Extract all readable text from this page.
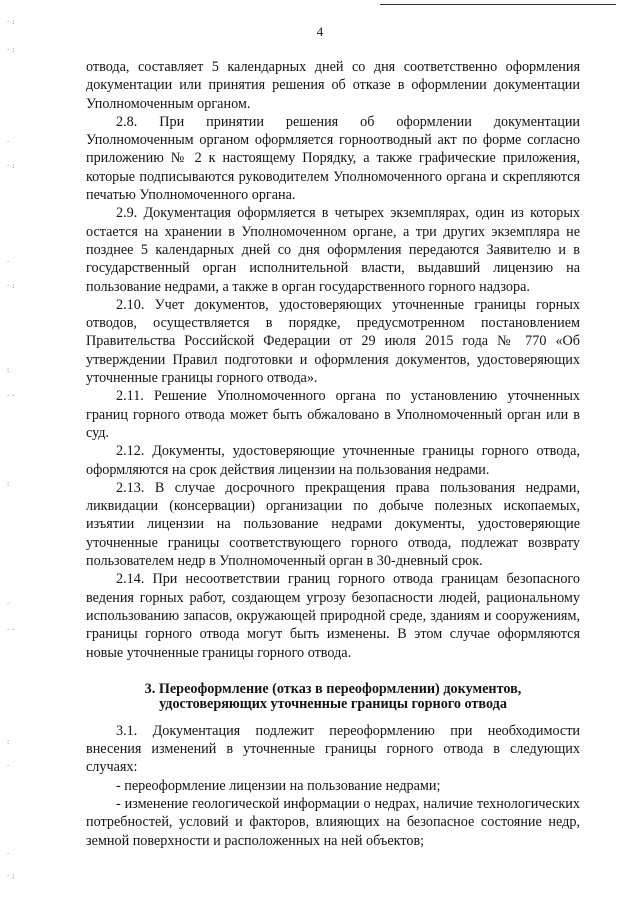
·:
·:
·
·:
·
·:
:
··
:
·
··
:
·
·
·:
4

отвода, составляет 5 календарных дней со дня соответственно оформления документации или принятия решения об отказе в оформлении документации Уполномоченным органом.

2.8. При принятии решения об оформлении документации Уполномоченным органом оформляется горноотводный акт по форме согласно приложению № 2 к настоящему Порядку, а также графические приложения, которые подписываются руководителем Уполномоченного органа и скрепляются печатью Уполномоченного органа.

2.9. Документация оформляется в четырех экземплярах, один из которых остается на хранении в Уполномоченном органе, а три других экземпляра не позднее 5 календарных дней со дня оформления передаются Заявителю и в государственный орган исполнительной власти, выдавший лицензию на пользование недрами, а также в орган государственного горного надзора.

2.10. Учет документов, удостоверяющих уточненные границы горных отводов, осуществляется в порядке, предусмотренном постановлением Правительства Российской Федерации от 29 июля 2015 года № 770 «Об утверждении Правил подготовки и оформления документов, удостоверяющих уточненные границы горного отвода».

2.11. Решение Уполномоченного органа по установлению уточненных границ горного отвода может быть обжаловано в Уполномоченный орган или в суд.

2.12. Документы, удостоверяющие уточненные границы горного отвода, оформляются на срок действия лицензии на пользования недрами.

2.13. В случае досрочного прекращения права пользования недрами, ликвидации (консервации) организации по добыче полезных ископаемых, изъятии лицензии на пользование недрами документы, удостоверяющие уточненные границы соответствующего горного отвода, подлежат возврату пользователем недр в Уполномоченный орган в 30-дневный срок.

2.14. При несоответствии границ горного отвода границам безопасного ведения горных работ, создающем угрозу безопасности людей, рациональному использованию запасов, окружающей природной среде, зданиям и сооружениям, границы горного отвода могут быть изменены. В этом случае оформляются новые уточненные границы горного отвода.

3. Переоформление (отказ в переоформлении) документов,
удостоверяющих уточненные границы горного отвода

3.1. Документация подлежит переоформлению при необходимости внесения изменений в уточненные границы горного отвода в следующих случаях:

- переоформление лицензии на пользование недрами;

- изменение геологической информации о недрах, наличие технологических потребностей, условий и факторов, влияющих на безопасное состояние недр, земной поверхности и расположенных на ней объектов;
